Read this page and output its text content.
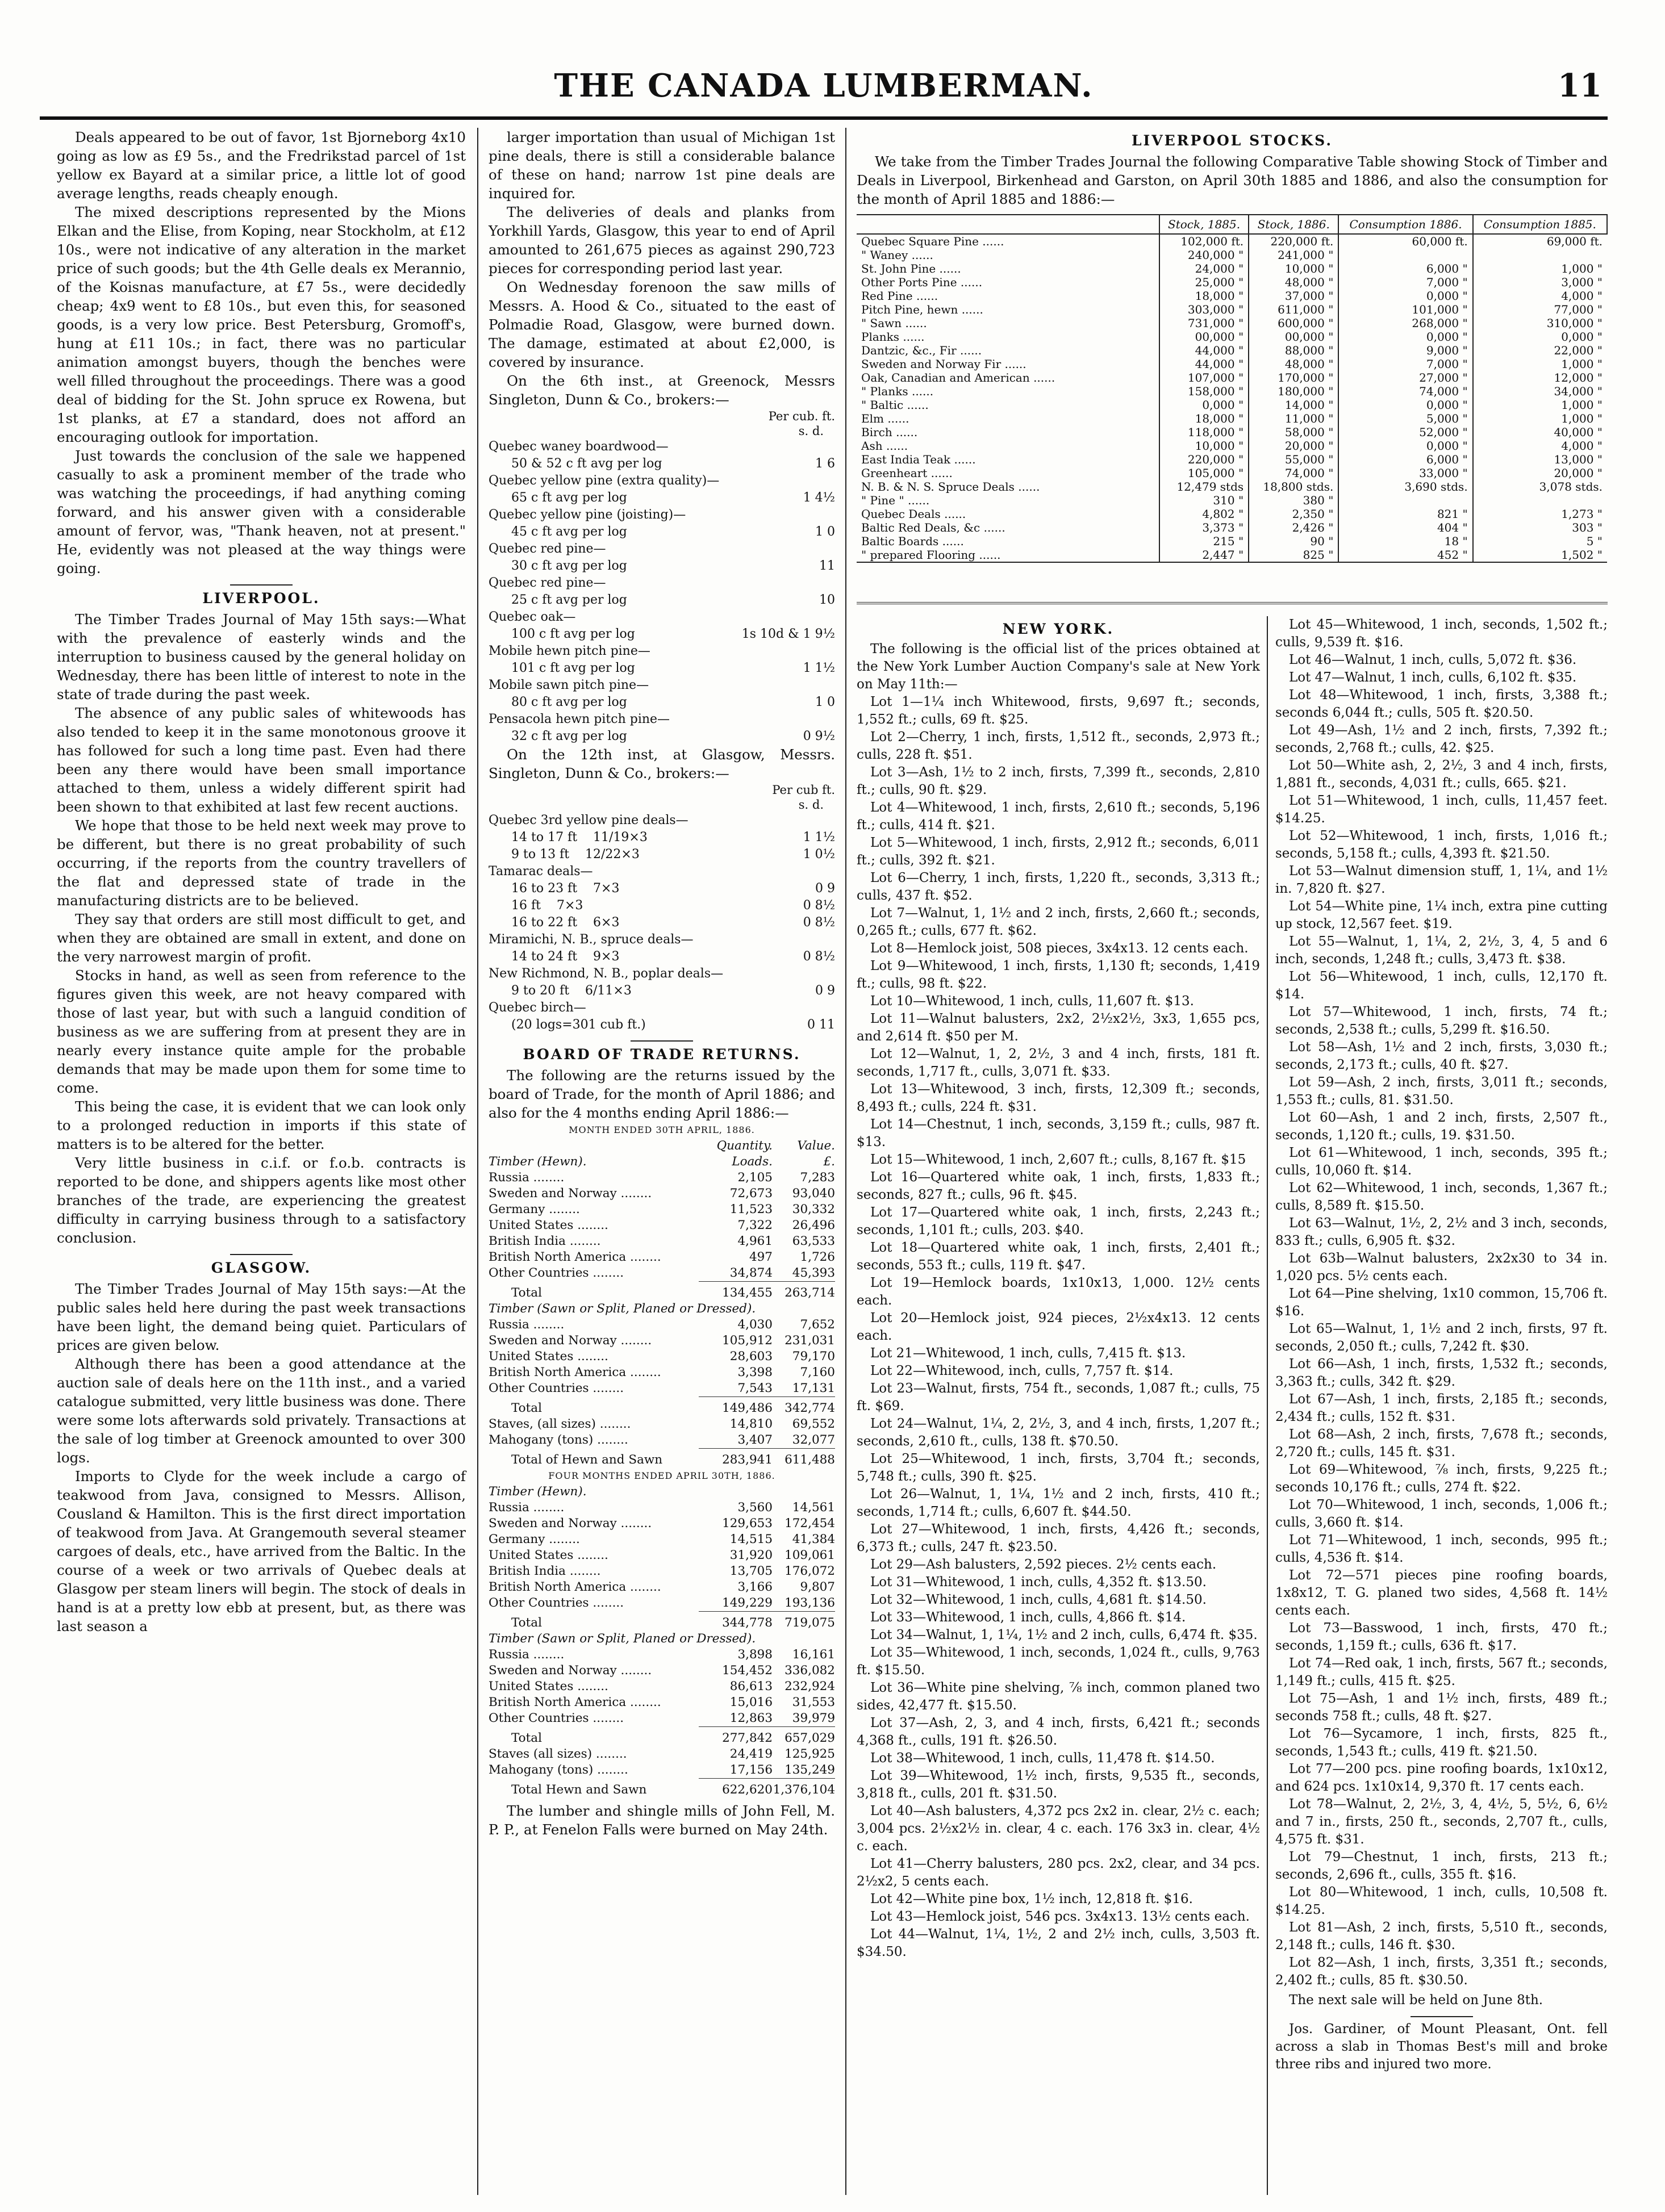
THE CANADA LUMBERMAN.	11

Deals appeared to be out of favor, 1st Bjorneborg 4x10 going as low as £9 5s., and the Fredrikstad parcel of 1st yellow ex Bayard at a similar price, a little lot of good average lengths, reads cheaply enough.

The mixed descriptions represented by the Mions Elkan and the Elise, from Koping, near Stockholm, at £12 10s., were not indicative of any alteration in the market price of such goods; but the 4th Gelle deals ex Merannio, of the Koisnas manufacture, at £7 5s., were decidedly cheap; 4x9 went to £8 10s., but even this, for seasoned goods, is a very low price. Best Petersburg, Gromoff's, hung at £11 10s.; in fact, there was no particular animation amongst buyers, though the benches were well filled throughout the proceedings. There was a good deal of bidding for the St. John spruce ex Rowena, but 1st planks, at £7 a standard, does not afford an encouraging outlook for importation.

Just towards the conclusion of the sale we happened casually to ask a prominent member of the trade who was watching the proceedings, if had anything coming forward, and his answer given with a considerable amount of fervor, was, "Thank heaven, not at present." He, evidently was not pleased at the way things were going.

LIVERPOOL.

The Timber Trades Journal of May 15th says:—What with the prevalence of easterly winds and the interruption to business caused by the general holiday on Wednesday, there has been little of interest to note in the state of trade during the past week.

The absence of any public sales of whitewoods has also tended to keep it in the same monotonous groove it has followed for such a long time past. Even had there been any there would have been small importance attached to them, unless a widely different spirit had been shown to that exhibited at last few recent auctions.

We hope that those to be held next week may prove to be different, but there is no great probability of such occurring, if the reports from the country travellers of the flat and depressed state of trade in the manufacturing districts are to be believed.

They say that orders are still most difficult to get, and when they are obtained are small in extent, and done on the very narrowest margin of profit.

Stocks in hand, as well as seen from reference to the figures given this week, are not heavy compared with those of last year, but with such a languid condition of business as we are suffering from at present they are in nearly every instance quite ample for the probable demands that may be made upon them for some time to come.

This being the case, it is evident that we can look only to a prolonged reduction in imports if this state of matters is to be altered for the better.

Very little business in c.i.f. or f.o.b. contracts is reported to be done, and shippers agents like most other branches of the trade, are experiencing the greatest difficulty in carrying business through to a satisfactory conclusion.

GLASGOW.

The Timber Trades Journal of May 15th says:—At the public sales held here during the past week transactions have been light, the demand being quiet. Particulars of prices are given below.

Although there has been a good attendance at the auction sale of deals here on the 11th inst., and a varied catalogue submitted, very little business was done. There were some lots afterwards sold privately. Transactions at the sale of log timber at Greenock amounted to over 300 logs.

Imports to Clyde for the week include a cargo of teakwood from Java, consigned to Messrs. Allison, Cousland & Hamilton. This is the first direct importation of teakwood from Java. At Grangemouth several steamer cargoes of deals, etc., have arrived from the Baltic. In the course of a week or two arrivals of Quebec deals at Glasgow per steam liners will begin. The stock of deals in hand is at a pretty low ebb at present, but, as there was last season a

larger importation than usual of Michigan 1st pine deals, there is still a considerable balance of these on hand; narrow 1st pine deals are inquired for.

The deliveries of deals and planks from Yorkhill Yards, Glasgow, this year to end of April amounted to 261,675 pieces as against 290,723 pieces for corresponding period last year.

On Wednesday forenoon the saw mills of Messrs. A. Hood & Co., situated to the east of Polmadie Road, Glasgow, were burned down. The damage, estimated at about £2,000, is covered by insurance.

On the 6th inst., at Greenock, Messrs Singleton, Dunn & Co., brokers:—

Per cub. ft.
s. d.
Quebec waney boardwood—
50 & 52 c ft avg per log	1 6
Quebec yellow pine (extra quality)—
65 c ft avg per log	1 4½
Quebec yellow pine (joisting)—
45 c ft avg per log	1 0
Quebec red pine—
30 c ft avg per log	11
Quebec red pine—
25 c ft avg per log	10
Quebec oak—
100 c ft avg per log	1s 10d & 1 9½
Mobile hewn pitch pine—
101 c ft avg per log	1 1½
Mobile sawn pitch pine—
80 c ft avg per log	1 0
Pensacola hewn pitch pine—
32 c ft avg per log	0 9½

On the 12th inst, at Glasgow, Messrs. Singleton, Dunn & Co., brokers:—

Per cub ft.
s. d.
Quebec 3rd yellow pine deals—
14 to 17 ft    11/19×3	1 1½
9 to 13 ft    12/22×3	1 0½
Tamarac deals—
16 to 23 ft    7×3	0 9
16 ft    7×3	0 8½
16 to 22 ft    6×3	0 8½
Miramichi, N. B., spruce deals—
14 to 24 ft    9×3	0 8½
New Richmond, N. B., poplar deals—
9 to 20 ft    6/11×3	0 9
Quebec birch—
(20 logs=301 cub ft.)	0 11
BOARD OF TRADE RETURNS.

The following are the returns issued by the board of Trade, for the month of April 1886; and also for the 4 months ending April 1886:—

MONTH ENDED 30TH APRIL, 1886.		
	Quantity.	Value.
Timber (Hewn).	Loads.	£.
Russia ........	2,105	7,283
Sweden and Norway ........	72,673	93,040
Germany ........	11,523	30,332
United States ........	7,322	26,496
British India ........	4,961	63,533
British North America ........	497	1,726
Other Countries ........	34,874	45,393
Total	134,455	263,714
Timber (Sawn or Split, Planed or Dressed).		
Russia ........	4,030	7,652
Sweden and Norway ........	105,912	231,031
United States ........	28,603	79,170
British North America ........	3,398	7,160
Other Countries ........	7,543	17,131
Total	149,486	342,774
Staves, (all sizes) ........	14,810	69,552
Mahogany (tons) ........	3,407	32,077
Total of Hewn and Sawn	283,941	611,488
FOUR MONTHS ENDED APRIL 30TH, 1886.		
Timber (Hewn).		
Russia ........	3,560	14,561
Sweden and Norway ........	129,653	172,454
Germany ........	14,515	41,384
United States ........	31,920	109,061
British India ........	13,705	176,072
British North America ........	3,166	9,807
Other Countries ........	149,229	193,136
Total	344,778	719,075
Timber (Sawn or Split, Planed or Dressed).		
Russia ........	3,898	16,161
Sweden and Norway ........	154,452	336,082
United States ........	86,613	232,924
British North America ........	15,016	31,553
Other Countries ........	12,863	39,979
Total	277,842	657,029
Staves (all sizes) ........	24,419	125,925
Mahogany (tons) ........	17,156	135,249
Total Hewn and Sawn	622,620	1,376,104

The lumber and shingle mills of John Fell, M. P. P., at Fenelon Falls were burned on May 24th.

LIVERPOOL STOCKS.

We take from the Timber Trades Journal the following Comparative Table showing Stock of Timber and Deals in Liverpool, Birkenhead and Garston, on April 30th 1885 and 1886, and also the consumption for the month of April 1885 and 1886:—

	Stock, 1885.	Stock, 1886.	Consumption 1886.	Consumption 1885.
Quebec Square Pine ......	102,000 ft.	220,000 ft.	60,000 ft.	69,000 ft.
" Waney ......	240,000 "	241,000 "		
St. John Pine ......	24,000 "	10,000 "	6,000 "	1,000 "
Other Ports Pine ......	25,000 "	48,000 "	7,000 "	3,000 "
Red Pine ......	18,000 "	37,000 "	0,000 "	4,000 "
Pitch Pine, hewn ......	303,000 "	611,000 "	101,000 "	77,000 "
" Sawn ......	731,000 "	600,000 "	268,000 "	310,000 "
Planks ......	00,000 "	00,000 "	0,000 "	0,000 "
Dantzic, &c., Fir ......	44,000 "	88,000 "	9,000 "	22,000 "
Sweden and Norway Fir ......	44,000 "	48,000 "	7,000 "	1,000 "
Oak, Canadian and American ......	107,000 "	170,000 "	27,000 "	12,000 "
" Planks ......	158,000 "	180,000 "	74,000 "	34,000 "
" Baltic ......	0,000 "	14,000 "	0,000 "	1,000 "
Elm ......	18,000 "	11,000 "	5,000 "	1,000 "
Birch ......	118,000 "	58,000 "	52,000 "	40,000 "
Ash ......	10,000 "	20,000 "	0,000 "	4,000 "
East India Teak ......	220,000 "	55,000 "	6,000 "	13,000 "
Greenheart ......	105,000 "	74,000 "	33,000 "	20,000 "
N. B. & N. S. Spruce Deals ......	12,479 stds	18,800 stds.	3,690 stds.	3,078 stds.
" Pine " ......	310 "	380 "		
Quebec Deals ......	4,802 "	2,350 "	821 "	1,273 "
Baltic Red Deals, &c ......	3,373 "	2,426 "	404 "	303 "
Baltic Boards ......	215 "	90 "	18 "	5 "
" prepared Flooring ......	2,447 "	825 "	452 "	1,502 "
NEW YORK.

The following is the official list of the prices obtained at the New York Lumber Auction Company's sale at New York on May 11th:—

Lot 1—1¼ inch Whitewood, firsts, 9,697 ft.; seconds, 1,552 ft.; culls, 69 ft. $25.

Lot 2—Cherry, 1 inch, firsts, 1,512 ft., seconds, 2,973 ft.; culls, 228 ft. $51.

Lot 3—Ash, 1½ to 2 inch, firsts, 7,399 ft., seconds, 2,810 ft.; culls, 90 ft. $29.

Lot 4—Whitewood, 1 inch, firsts, 2,610 ft.; seconds, 5,196 ft.; culls, 414 ft. $21.

Lot 5—Whitewood, 1 inch, firsts, 2,912 ft.; seconds, 6,011 ft.; culls, 392 ft. $21.

Lot 6—Cherry, 1 inch, firsts, 1,220 ft., seconds, 3,313 ft.; culls, 437 ft. $52.

Lot 7—Walnut, 1, 1½ and 2 inch, firsts, 2,660 ft.; seconds, 0,265 ft.; culls, 677 ft. $62.

Lot 8—Hemlock joist, 508 pieces, 3x4x13. 12 cents each.

Lot 9—Whitewood, 1 inch, firsts, 1,130 ft; seconds, 1,419 ft.; culls, 98 ft. $22.

Lot 10—Whitewood, 1 inch, culls, 11,607 ft. $13.

Lot 11—Walnut balusters, 2x2, 2½x2½, 3x3, 1,655 pcs, and 2,614 ft. $50 per M.

Lot 12—Walnut, 1, 2, 2½, 3 and 4 inch, firsts, 181 ft. seconds, 1,717 ft., culls, 3,071 ft. $33.

Lot 13—Whitewood, 3 inch, firsts, 12,309 ft.; seconds, 8,493 ft.; culls, 224 ft. $31.

Lot 14—Chestnut, 1 inch, seconds, 3,159 ft.; culls, 987 ft. $13.

Lot 15—Whitewood, 1 inch, 2,607 ft.; culls, 8,167 ft. $15

Lot 16—Quartered white oak, 1 inch, firsts, 1,833 ft.; seconds, 827 ft.; culls, 96 ft. $45.

Lot 17—Quartered white oak, 1 inch, firsts, 2,243 ft.; seconds, 1,101 ft.; culls, 203. $40.

Lot 18—Quartered white oak, 1 inch, firsts, 2,401 ft.; seconds, 553 ft.; culls, 119 ft. $47.

Lot 19—Hemlock boards, 1x10x13, 1,000. 12½ cents each.

Lot 20—Hemlock joist, 924 pieces, 2½x4x13. 12 cents each.

Lot 21—Whitewood, 1 inch, culls, 7,415 ft. $13.

Lot 22—Whitewood, inch, culls, 7,757 ft. $14.

Lot 23—Walnut, firsts, 754 ft., seconds, 1,087 ft.; culls, 75 ft. $69.

Lot 24—Walnut, 1¼, 2, 2½, 3, and 4 inch, firsts, 1,207 ft.; seconds, 2,610 ft., culls, 138 ft. $70.50.

Lot 25—Whitewood, 1 inch, firsts, 3,704 ft.; seconds, 5,748 ft.; culls, 390 ft. $25.

Lot 26—Walnut, 1, 1¼, 1½ and 2 inch, firsts, 410 ft.; seconds, 1,714 ft.; culls, 6,607 ft. $44.50.

Lot 27—Whitewood, 1 inch, firsts, 4,426 ft.; seconds, 6,373 ft.; culls, 247 ft. $23.50.

Lot 29—Ash balusters, 2,592 pieces. 2½ cents each.

Lot 31—Whitewood, 1 inch, culls, 4,352 ft. $13.50.

Lot 32—Whitewood, 1 inch, culls, 4,681 ft. $14.50.

Lot 33—Whitewood, 1 inch, culls, 4,866 ft. $14.

Lot 34—Walnut, 1, 1¼, 1½ and 2 inch, culls, 6,474 ft. $35.

Lot 35—Whitewood, 1 inch, seconds, 1,024 ft., culls, 9,763 ft. $15.50.

Lot 36—White pine shelving, ⅞ inch, common planed two sides, 42,477 ft. $15.50.

Lot 37—Ash, 2, 3, and 4 inch, firsts, 6,421 ft.; seconds 4,368 ft., culls, 191 ft. $26.50.

Lot 38—Whitewood, 1 inch, culls, 11,478 ft. $14.50.

Lot 39—Whitewood, 1½ inch, firsts, 9,535 ft., seconds, 3,818 ft., culls, 201 ft. $31.50.

Lot 40—Ash balusters, 4,372 pcs 2x2 in. clear, 2½ c. each; 3,004 pcs. 2½x2½ in. clear, 4 c. each. 176 3x3 in. clear, 4½ c. each.

Lot 41—Cherry balusters, 280 pcs. 2x2, clear, and 34 pcs. 2½x2, 5 cents each.

Lot 42—White pine box, 1½ inch, 12,818 ft. $16.

Lot 43—Hemlock joist, 546 pcs. 3x4x13. 13½ cents each.

Lot 44—Walnut, 1¼, 1½, 2 and 2½ inch, culls, 3,503 ft. $34.50.

Lot 45—Whitewood, 1 inch, seconds, 1,502 ft.; culls, 9,539 ft. $16.

Lot 46—Walnut, 1 inch, culls, 5,072 ft. $36.

Lot 47—Walnut, 1 inch, culls, 6,102 ft. $35.

Lot 48—Whitewood, 1 inch, firsts, 3,388 ft.; seconds 6,044 ft.; culls, 505 ft. $20.50.

Lot 49—Ash, 1½ and 2 inch, firsts, 7,392 ft.; seconds, 2,768 ft.; culls, 42. $25.

Lot 50—White ash, 2, 2½, 3 and 4 inch, firsts, 1,881 ft., seconds, 4,031 ft.; culls, 665. $21.

Lot 51—Whitewood, 1 inch, culls, 11,457 feet. $14.25.

Lot 52—Whitewood, 1 inch, firsts, 1,016 ft.; seconds, 5,158 ft.; culls, 4,393 ft. $21.50.

Lot 53—Walnut dimension stuff, 1, 1¼, and 1½ in. 7,820 ft. $27.

Lot 54—White pine, 1¼ inch, extra pine cutting up stock, 12,567 feet. $19.

Lot 55—Walnut, 1, 1¼, 2, 2½, 3, 4, 5 and 6 inch, seconds, 1,248 ft.; culls, 3,473 ft. $38.

Lot 56—Whitewood, 1 inch, culls, 12,170 ft. $14.

Lot 57—Whitewood, 1 inch, firsts, 74 ft.; seconds, 2,538 ft.; culls, 5,299 ft. $16.50.

Lot 58—Ash, 1½ and 2 inch, firsts, 3,030 ft.; seconds, 2,173 ft.; culls, 40 ft. $27.

Lot 59—Ash, 2 inch, firsts, 3,011 ft.; seconds, 1,553 ft.; culls, 81. $31.50.

Lot 60—Ash, 1 and 2 inch, firsts, 2,507 ft., seconds, 1,120 ft.; culls, 19. $31.50.

Lot 61—Whitewood, 1 inch, seconds, 395 ft.; culls, 10,060 ft. $14.

Lot 62—Whitewood, 1 inch, seconds, 1,367 ft.; culls, 8,589 ft. $15.50.

Lot 63—Walnut, 1½, 2, 2½ and 3 inch, seconds, 833 ft.; culls, 6,905 ft. $32.

Lot 63b—Walnut balusters, 2x2x30 to 34 in. 1,020 pcs. 5½ cents each.

Lot 64—Pine shelving, 1x10 common, 15,706 ft. $16.

Lot 65—Walnut, 1, 1½ and 2 inch, firsts, 97 ft. seconds, 2,050 ft.; culls, 7,242 ft. $30.

Lot 66—Ash, 1 inch, firsts, 1,532 ft.; seconds, 3,363 ft.; culls, 342 ft. $29.

Lot 67—Ash, 1 inch, firsts, 2,185 ft.; seconds, 2,434 ft.; culls, 152 ft. $31.

Lot 68—Ash, 2 inch, firsts, 7,678 ft.; seconds, 2,720 ft.; culls, 145 ft. $31.

Lot 69—Whitewood, ⅞ inch, firsts, 9,225 ft.; seconds 10,176 ft.; culls, 274 ft. $22.

Lot 70—Whitewood, 1 inch, seconds, 1,006 ft.; culls, 3,660 ft. $14.

Lot 71—Whitewood, 1 inch, seconds, 995 ft.; culls, 4,536 ft. $14.

Lot 72—571 pieces pine roofing boards, 1x8x12, T. G. planed two sides, 4,568 ft. 14½ cents each.

Lot 73—Basswood, 1 inch, firsts, 470 ft.; seconds, 1,159 ft.; culls, 636 ft. $17.

Lot 74—Red oak, 1 inch, firsts, 567 ft.; seconds, 1,149 ft.; culls, 415 ft. $25.

Lot 75—Ash, 1 and 1½ inch, firsts, 489 ft.; seconds 758 ft.; culls, 48 ft. $27.

Lot 76—Sycamore, 1 inch, firsts, 825 ft., seconds, 1,543 ft.; culls, 419 ft. $21.50.

Lot 77—200 pcs. pine roofing boards, 1x10x12, and 624 pcs. 1x10x14, 9,370 ft. 17 cents each.

Lot 78—Walnut, 2, 2½, 3, 4, 4½, 5, 5½, 6, 6½ and 7 in., firsts, 250 ft., seconds, 2,707 ft., culls, 4,575 ft. $31.

Lot 79—Chestnut, 1 inch, firsts, 213 ft.; seconds, 2,696 ft., culls, 355 ft. $16.

Lot 80—Whitewood, 1 inch, culls, 10,508 ft. $14.25.

Lot 81—Ash, 2 inch, firsts, 5,510 ft., seconds, 2,148 ft.; culls, 146 ft. $30.

Lot 82—Ash, 1 inch, firsts, 3,351 ft.; seconds, 2,402 ft.; culls, 85 ft. $30.50.

The next sale will be held on June 8th.

Jos. Gardiner, of Mount Pleasant, Ont. fell across a slab in Thomas Best's mill and broke three ribs and injured two more.
